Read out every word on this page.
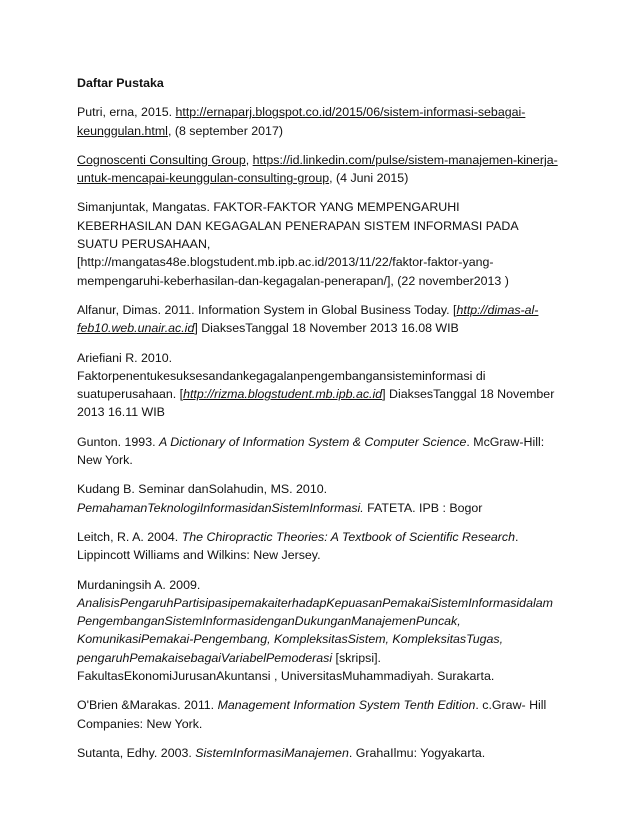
Daftar Pustaka

Putri, erna, 2015. http://ernaparj.blogspot.co.id/2015/06/sistem-informasi-sebagai-

keunggulan.html, (8 september 2017)

Cognoscenti Consulting Group, https://id.linkedin.com/pulse/sistem-manajemen-kinerja-

untuk-mencapai-keunggulan-consulting-group, (4 Juni 2015)

Simanjuntak, Mangatas. FAKTOR-FAKTOR YANG MEMPENGARUHI

KEBERHASILAN DAN KEGAGALAN PENERAPAN SISTEM INFORMASI PADA

SUATU PERUSAHAAN,

[http://mangatas48e.blogstudent.mb.ipb.ac.id/2013/11/22/faktor-faktor-yang-

mempengaruhi-keberhasilan-dan-kegagalan-penerapan/], (22 november2013 )

Alfanur, Dimas. 2011. Information System in Global Business Today. [http://dimas-al-

feb10.web.unair.ac.id] DiaksesTanggal 18 November 2013 16.08 WIB

Ariefiani R. 2010.

Faktorpenentukesuksesandankegagalanpengembangansisteminformasi di

suatuperusahaan. [http://rizma.blogstudent.mb.ipb.ac.id] DiaksesTanggal 18 November

2013 16.11 WIB

Gunton. 1993. A Dictionary of Information System & Computer Science. McGraw-Hill:

New York.

Kudang B. Seminar danSolahudin, MS. 2010.

PemahamanTeknologiInformasidanSistemInformasi. FATETA. IPB : Bogor

Leitch, R. A. 2004. The Chiropractic Theories: A Textbook of Scientific Research.

Lippincott Williams and Wilkins: New Jersey.

Murdaningsih A. 2009.

AnalisisPengaruhPartisipasipemakaiterhadapKepuasanPemakaiSistemInformasidalam

PengembanganSistemInformasidenganDukunganManajemenPuncak,

KomunikasiPemakai-Pengembang, KompleksitasSistem, KompleksitasTugas,

pengaruhPemakaisebagaiVariabelPemoderasi [skripsi].

FakultasEkonomiJurusanAkuntansi , UniversitasMuhammadiyah. Surakarta.

O'Brien &Marakas. 2011. Management Information System Tenth Edition. c.Graw- Hill

Companies: New York.

Sutanta, Edhy. 2003. SistemInformasiManajemen. GrahaIlmu: Yogyakarta.
